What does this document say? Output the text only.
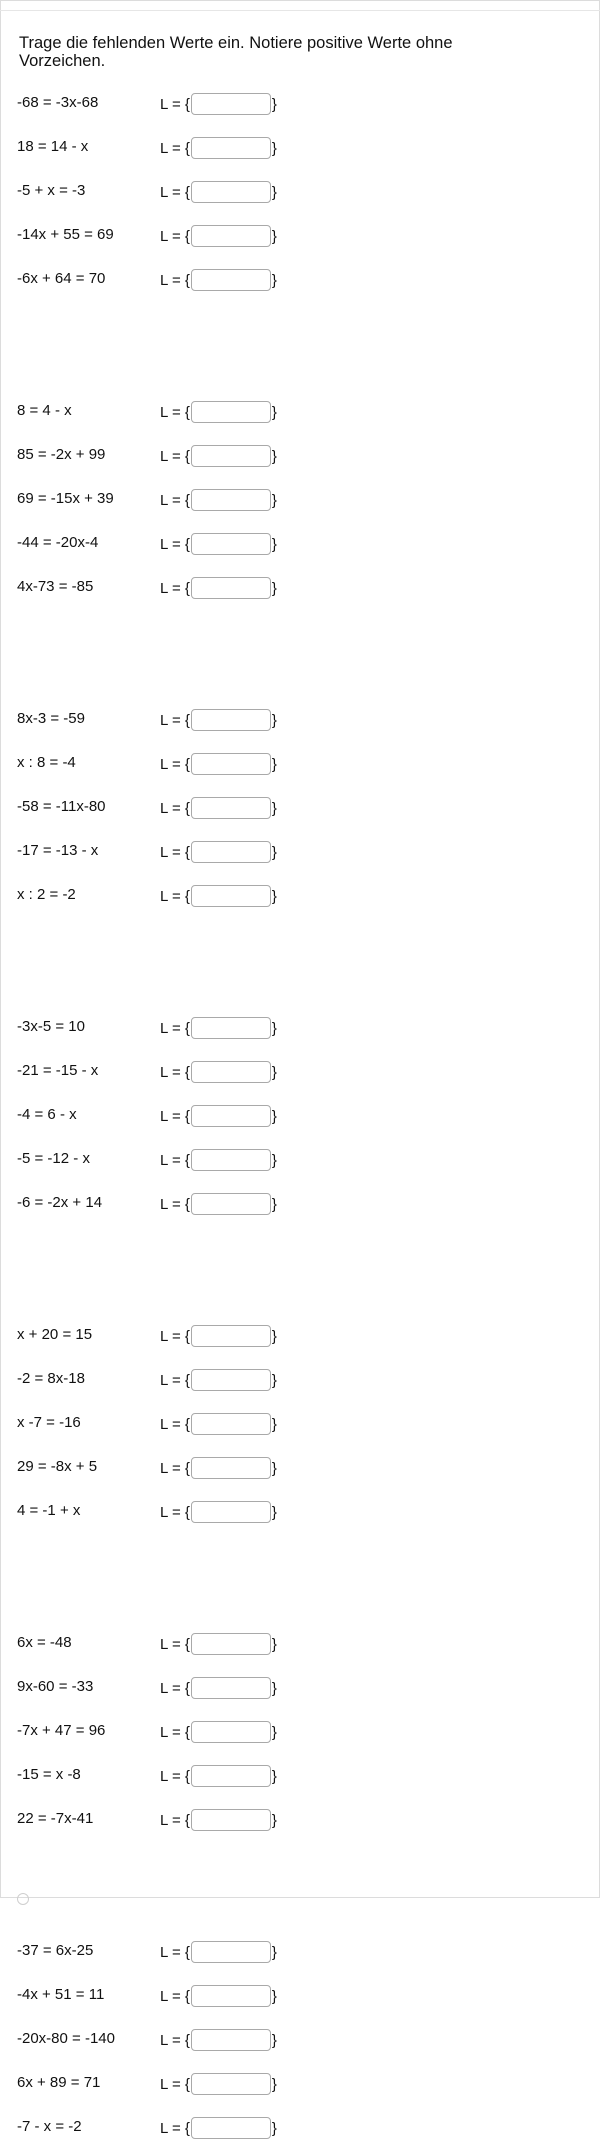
Trage die fehlenden Werte ein. Notiere positive Werte ohne Vorzeichen.
-68 = -3x-68	L = {	}
18 = 14 - x	L = {	}
-5 + x = -3	L = {	}
-14x + 55 = 69	L = {	}
-6x + 64 = 70	L = {	}
8 = 4 - x	L = {	}
85 = -2x + 99	L = {	}
69 = -15x + 39	L = {	}
-44 = -20x-4	L = {	}
4x-73 = -85	L = {	}
8x-3 = -59	L = {	}
x : 8 = -4	L = {	}
-58 = -11x-80	L = {	}
-17 = -13 - x	L = {	}
x : 2 = -2	L = {	}
-3x-5 = 10	L = {	}
-21 = -15 - x	L = {	}
-4 = 6 - x	L = {	}
-5 = -12 - x	L = {	}
-6 = -2x + 14	L = {	}
x + 20 = 15	L = {	}
-2 = 8x-18	L = {	}
x -7 = -16	L = {	}
29 = -8x + 5	L = {	}
4 = -1 + x	L = {	}
6x = -48	L = {	}
9x-60 = -33	L = {	}
-7x + 47 = 96	L = {	}
-15 = x -8	L = {	}
22 = -7x-41	L = {	}
-37 = 6x-25	L = {	}
-4x + 51 = 11	L = {	}
-20x-80 = -140	L = {	}
6x + 89 = 71	L = {	}
-7 - x = -2	L = {	}
